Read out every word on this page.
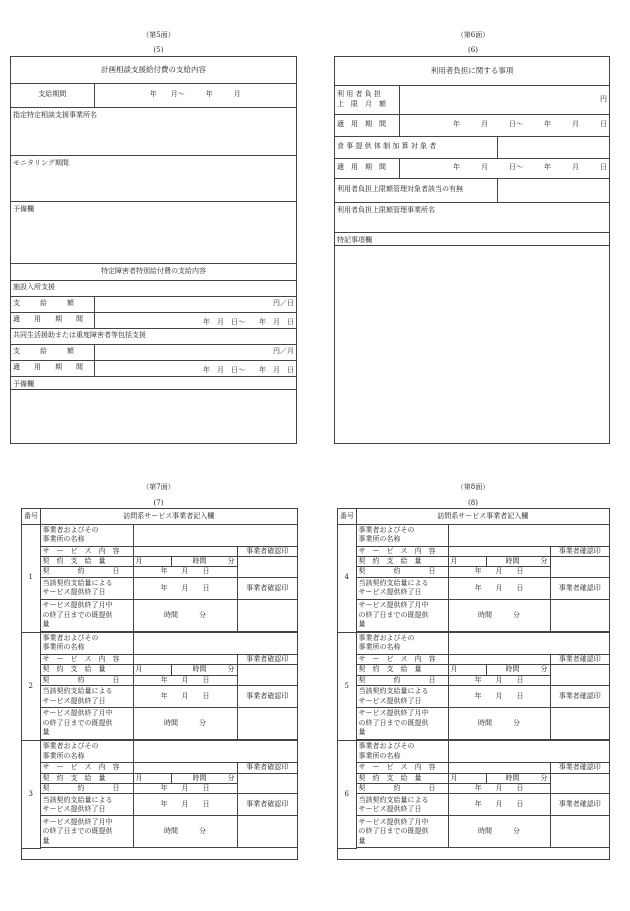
（第5面）
(5)
計画相談支援給付費の支給内容	
支給期間	年　　月～　　　年　　　月
指定特定相談支援事業所名	
モニタリング期間	
予備欄	
特定障害者特別給付費の支給内容	
施設入所支援	
支　　給　　額	円／日
適　　用　　期　　間	年　月　日～　　年　月　日
共同生活援助または重度障害者等包括支援	
支　　給　　額	円／月
適　　用　　期　　間	年　月　日～　　年　月　日
予備欄	
（第6面）
(6)
利用者負担に関する事項		
利 用 者 負 担
上　限　月　額	円	
適　用　期　間	年　　　月　　　日～　　　年　　　月　　　日	
食 事 提 供 体 制 加 算 対 象 者		
適　用　期　間	年　　　月　　　日～　　　年　　　月　　　日	
利用者負担上限額管理対象者該当の有無		
利用者負担上限額管理事業所名		
特記事項欄		
（第7面）
(7)
番号	訪問系サービス事業者記入欄			
1	事業者およびその
事業所の名称			
	サ　ー　ビ　ス　内　容			事業者確認印
	契　約　支　給　量	月	時間　　　 分	
	契　　　　約　　　　日	年　　月　　日		
	当該契約支給量による
サービス提供終了日	年　　月　　日		事業者確認印
	サービス提供終了月中
の終了日までの既提供
量	時間　　　 分		

2	事業者およびその
事業所の名称			
	サ　ー　ビ　ス　内　容			事業者確認印
	契　約　支　給　量	月	時間　　　 分	
	契　　　　約　　　　日	年　　月　　日		
	当該契約支給量による
サービス提供終了日	年　　月　　日		事業者確認印
	サービス提供終了月中
の終了日までの既提供
量	時間　　　 分		

3	事業者およびその
事業所の名称			
	サ　ー　ビ　ス　内　容			事業者確認印
	契　約　支　給　量	月	時間　　　 分	
	契　　　　約　　　　日	年　　月　　日		
	当該契約支給量による
サービス提供終了日	年　　月　　日		事業者確認印
	サービス提供終了月中
の終了日までの既提供
量	時間　　　 分		

（第8面）
(8)
番号	訪問系サービス事業者記入欄			
4	事業者およびその
事業所の名称			
	サ　ー　ビ　ス　内　容			事業者確認印
	契　約　支　給　量	月	時間　　　 分	
	契　　　　約　　　　日	年　　月　　日		
	当該契約支給量による
サービス提供終了日	年　　月　　日		事業者確認印
	サービス提供終了月中
の終了日までの既提供
量	時間　　　 分		

5	事業者およびその
事業所の名称			
	サ　ー　ビ　ス　内　容			事業者確認印
	契　約　支　給　量	月	時間　　　 分	
	契　　　　約　　　　日	年　　月　　日		
	当該契約支給量による
サービス提供終了日	年　　月　　日		事業者確認印
	サービス提供終了月中
の終了日までの既提供
量	時間　　　 分		

6	事業者およびその
事業所の名称			
	サ　ー　ビ　ス　内　容			事業者確認印
	契　約　支　給　量	月	時間　　　 分	
	契　　　　約　　　　日	年　　月　　日		
	当該契約支給量による
サービス提供終了日	年　　月　　日		事業者確認印
	サービス提供終了月中
の終了日までの既提供
量	時間　　　 分		
